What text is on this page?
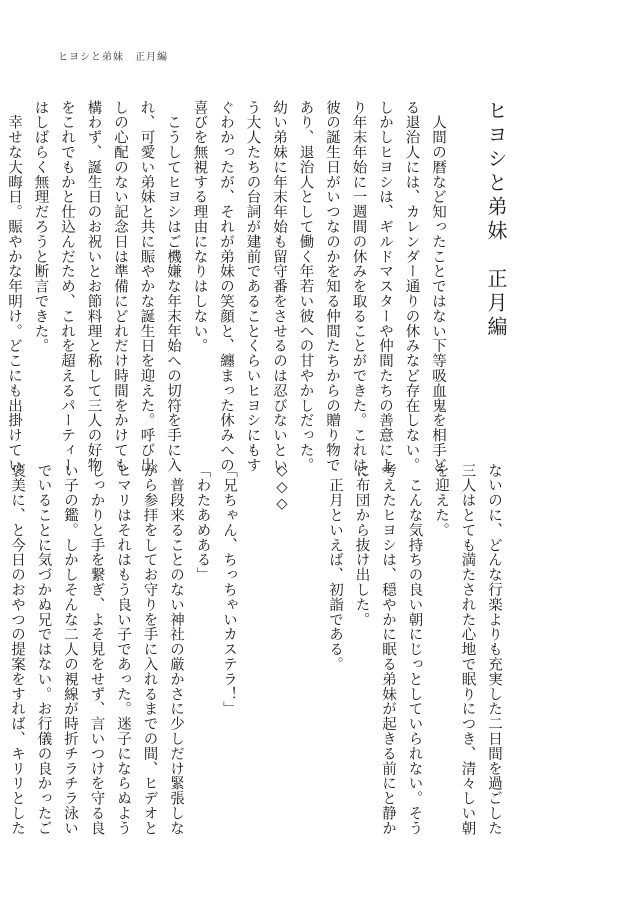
ヒヨシと弟妹　正月編
ヒヨシと弟妹　正月編
　人間の暦など知ったことではない下等吸血鬼を相手ど
る退治人には、カレンダー通りの休みなど存在しない。
しかしヒヨシは、ギルドマスターや仲間たちの善意によ
り年末年始に一週間の休みを取ることができた。これは、
彼の誕生日がいつなのかを知る仲間たちからの贈り物で
あり、退治人として働く年若い彼への甘やかしだった。
幼い弟妹に年末年始も留守番をさせるのは忍びないとい
う大人たちの台詞が建前であることくらいヒヨシにもす
ぐわかったが、それが弟妹の笑顔と、纏まった休みへの
喜びを無視する理由になりはしない。
　こうしてヒヨシはご機嫌な年末年始への切符を手に入
れ、可愛い弟妹と共に賑やかな誕生日を迎えた。呼び出
しの心配のない記念日は準備にどれだけ時間をかけても
構わず、誕生日のお祝いとお節料理と称して三人の好物
をこれでもかと仕込んだため、これを超えるパーティー
はしばらく無理だろうと断言できた。
　幸せな大晦日。賑やかな年明け。どこにも出掛けてい
ないのに、どんな行楽よりも充実した二日間を過ごした
三人はとても満たされた心地で眠りにつき、清々しい朝
を迎えた。
　こんな気持ちの良い朝にじっとしていられない。そう
考えたヒヨシは、穏やかに眠る弟妹が起きる前にと静か
に布団から抜け出した。
　正月といえば、初詣である。

◇◇◇

「兄ちゃん、ちっちゃいカステラ！」
「わたあめある」
　普段来ることのない神社の厳かさに少しだけ緊張しな
がら参拝をしてお守りを手に入れるまでの間、ヒデオと
ヒマリはそれはもう良い子であった。迷子にならぬよう
しっかりと手を繋ぎ、よそ見をせず、言いつけを守る良
い子の鑑。しかしそんな二人の視線が時折チラチラ泳い
でいることに気づかぬ兄ではない。お行儀の良かったご
褒美に、と今日のおやつの提案をすれば、キリリとした
